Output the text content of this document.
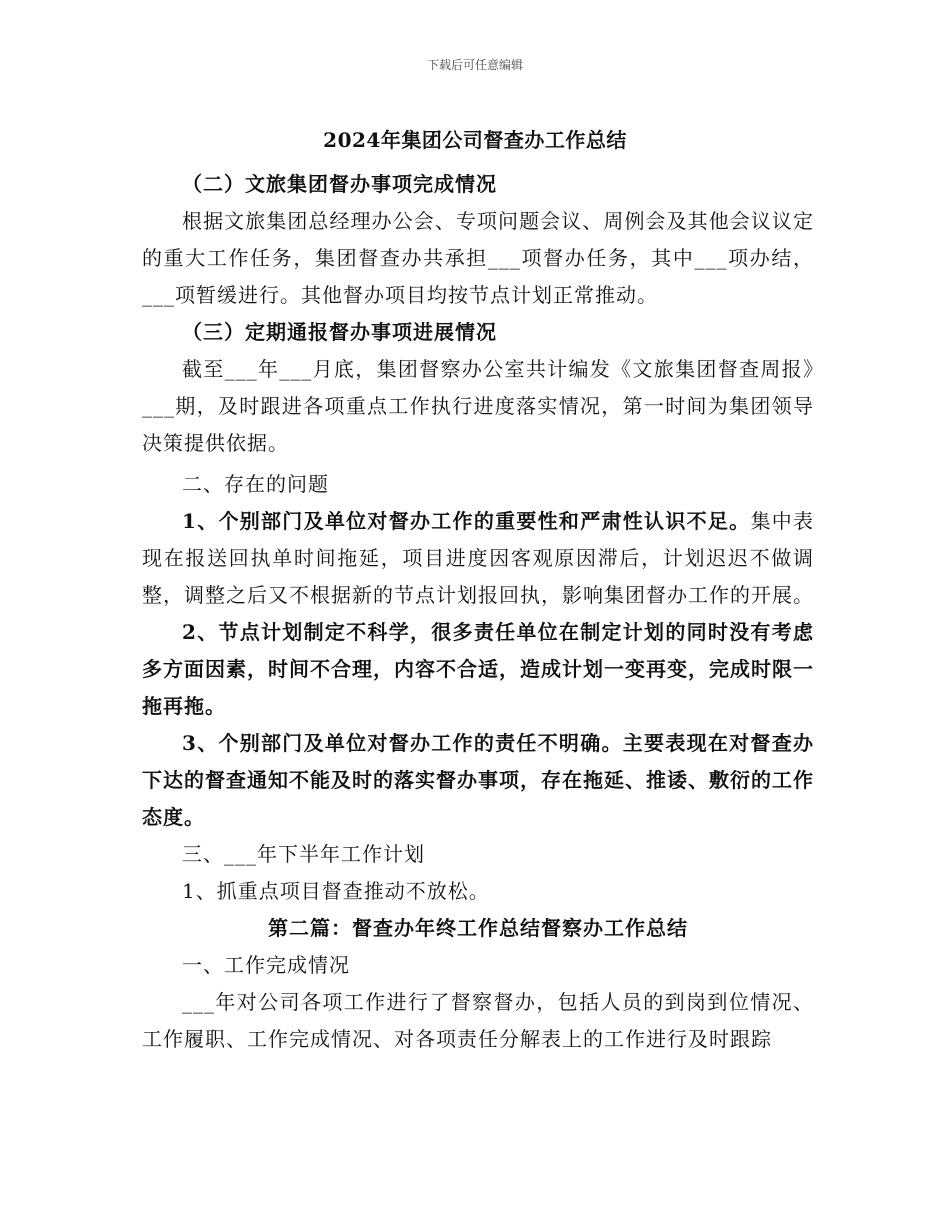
下载后可任意编辑
2024年集团公司督查办工作总结

（二）文旅集团督办事项完成情况

根据文旅集团总经理办公会、专项问题会议、周例会及其他会议议定的重大工作任务，集团督查办共承担___项督办任务，其中___项办结，___项暂缓进行。其他督办项目均按节点计划正常推动。

（三）定期通报督办事项进展情况

截至___年___月底，集团督察办公室共计编发《文旅集团督查周报》___期，及时跟进各项重点工作执行进度落实情况，第一时间为集团领导决策提供依据。

二、存在的问题

1、个别部门及单位对督办工作的重要性和严肃性认识不足。集中表现在报送回执单时间拖延，项目进度因客观原因滞后，计划迟迟不做调整，调整之后又不根据新的节点计划报回执，影响集团督办工作的开展。

2、节点计划制定不科学，很多责任单位在制定计划的同时没有考虑多方面因素，时间不合理，内容不合适，造成计划一变再变，完成时限一拖再拖。

3、个别部门及单位对督办工作的责任不明确。主要表现在对督查办下达的督查通知不能及时的落实督办事项，存在拖延、推诿、敷衍的工作态度。

三、___年下半年工作计划

1、抓重点项目督查推动不放松。

第二篇：督查办年终工作总结督察办工作总结

一、工作完成情况

___年对公司各项工作进行了督察督办，包括人员的到岗到位情况、工作履职、工作完成情况、对各项责任分解表上的工作进行及时跟踪
